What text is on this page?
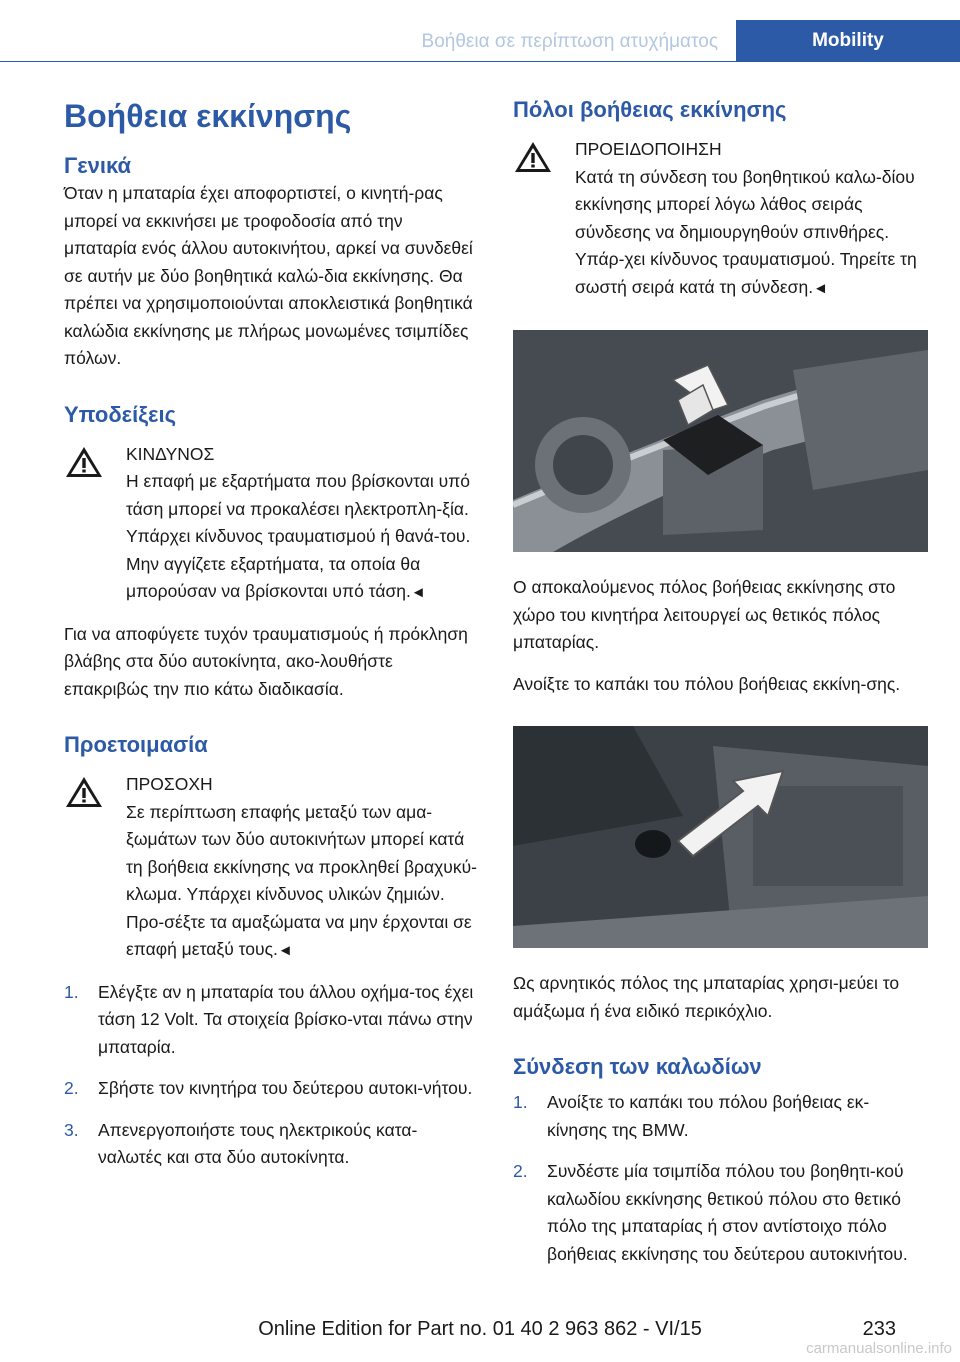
Βοήθεια σε περίπτωση ατυχήματος	Mobility
Βοήθεια εκκίνησης
Γενικά

Όταν η μπαταρία έχει αποφορτιστεί, ο κινητή-ρας μπορεί να εκκινήσει με τροφοδοσία από την μπαταρία ενός άλλου αυτοκινήτου, αρκεί να συνδεθεί σε αυτήν με δύο βοηθητικά καλώ-δια εκκίνησης. Θα πρέπει να χρησιμοποιούνται αποκλειστικά βοηθητικά καλώδια εκκίνησης με πλήρως μονωμένες τσιμπίδες πόλων.

Υποδείξεις

ΚΙΝΔΥΝΟΣ

Η επαφή με εξαρτήματα που βρίσκονται υπό τάση μπορεί να προκαλέσει ηλεκτροπλη-ξία. Υπάρχει κίνδυνος τραυματισμού ή θανά-του. Μην αγγίζετε εξαρτήματα, τα οποία θα μπορούσαν να βρίσκονται υπό τάση.◄

Για να αποφύγετε τυχόν τραυματισμούς ή πρόκληση βλάβης στα δύο αυτοκίνητα, ακο-λουθήστε επακριβώς την πιο κάτω διαδικασία.

Προετοιμασία

ΠΡΟΣΟΧΗ

Σε περίπτωση επαφής μεταξύ των αμα-ξωμάτων των δύο αυτοκινήτων μπορεί κατά τη βοήθεια εκκίνησης να προκληθεί βραχυκύ-κλωμα. Υπάρχει κίνδυνος υλικών ζημιών. Προ-σέξτε τα αμαξώματα να μην έρχονται σε επαφή μεταξύ τους.◄

1. Ελέγξτε αν η μπαταρία του άλλου οχήμα-τος έχει τάση 12 Volt. Τα στοιχεία βρίσκο-νται πάνω στην μπαταρία.
2. Σβήστε τον κινητήρα του δεύτερου αυτοκι-νήτου.
3. Απενεργοποιήστε τους ηλεκτρικούς κατα-ναλωτές και στα δύο αυτοκίνητα.
Πόλοι βοήθειας εκκίνησης

ΠΡΟΕΙΔΟΠΟΙΗΣΗ

Κατά τη σύνδεση του βοηθητικού καλω-δίου εκκίνησης μπορεί λόγω λάθος σειράς σύνδεσης να δημιουργηθούν σπινθήρες. Υπάρ-χει κίνδυνος τραυματισμού. Τηρείτε τη σωστή σειρά κατά τη σύνδεση.◄

Ο αποκαλούμενος πόλος βοήθειας εκκίνησης στο χώρο του κινητήρα λειτουργεί ως θετικός πόλος μπαταρίας.

Ανοίξτε το καπάκι του πόλου βοήθειας εκκίνη-σης.

Ως αρνητικός πόλος της μπαταρίας χρησι-μεύει το αμάξωμα ή ένα ειδικό περικόχλιο.

Σύνδεση των καλωδίων
1. Ανοίξτε το καπάκι του πόλου βοήθειας εκ-κίνησης της BMW.
2. Συνδέστε μία τσιμπίδα πόλου του βοηθητι-κού καλωδίου εκκίνησης θετικού πόλου στο θετικό πόλο της μπαταρίας ή στον αντίστοιχο πόλο βοήθειας εκκίνησης του δεύτερου αυτοκινήτου.
Online Edition for Part no. 01 40 2 963 862 - VI/15	233
carmanualsonline.info
